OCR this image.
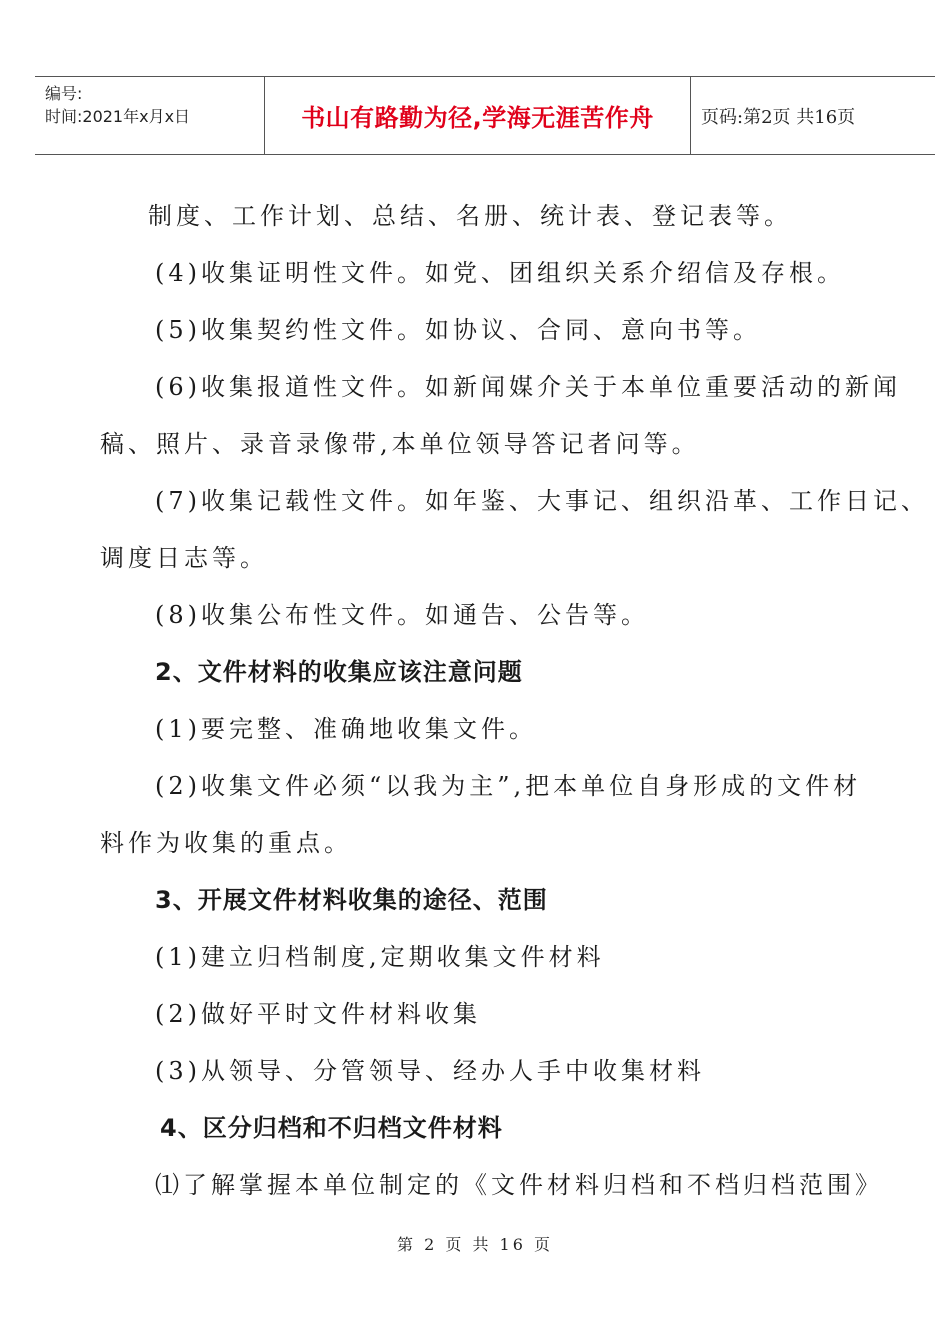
编号:
时间:2021年x月x日	书山有路勤为径,学海无涯苦作舟	页码:第2页 共16页
制度、工作计划、总结、名册、统计表、登记表等。
(4)收集证明性文件。如党、团组织关系介绍信及存根。
(5)收集契约性文件。如协议、合同、意向书等。
(6)收集报道性文件。如新闻媒介关于本单位重要活动的新闻
稿、照片、录音录像带,本单位领导答记者问等。
(7)收集记载性文件。如年鉴、大事记、组织沿革、工作日记、
调度日志等。
(8)收集公布性文件。如通告、公告等。
2、文件材料的收集应该注意问题
(1)要完整、准确地收集文件。
(2)收集文件必须“以我为主”,把本单位自身形成的文件材
料作为收集的重点。
3、开展文件材料收集的途径、范围
(1)建立归档制度,定期收集文件材料
(2)做好平时文件材料收集
(3)从领导、分管领导、经办人手中收集材料
4、区分归档和不归档文件材料
⑴了解掌握本单位制定的《文件材料归档和不档归档范围》
第 2 页 共 16 页
